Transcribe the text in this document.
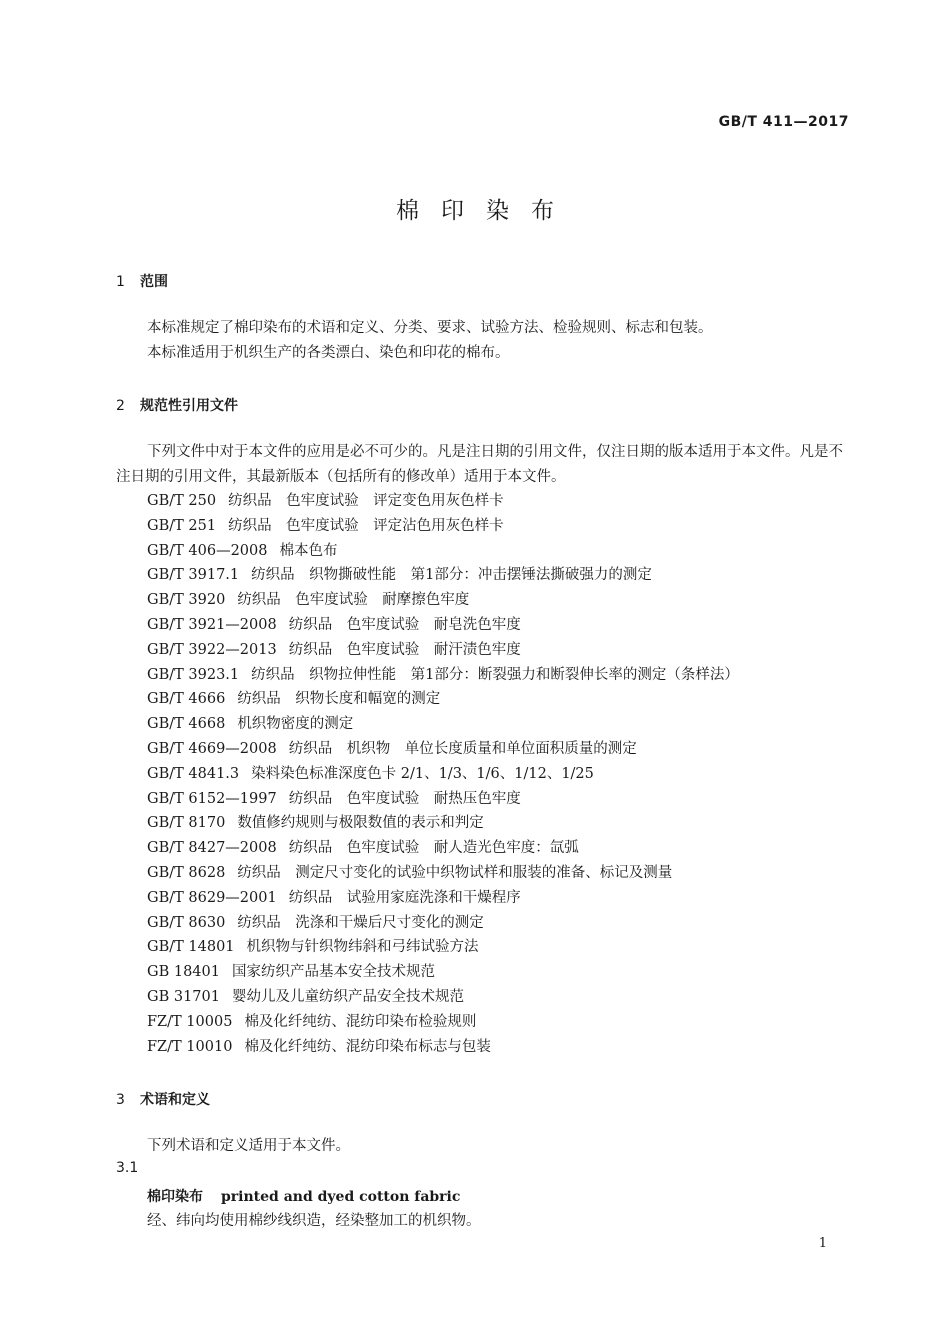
GB/T 411—2017
棉印染布
1 范围

本标准规定了棉印染布的术语和定义、分类、要求、试验方法、检验规则、标志和包装。

本标准适用于机织生产的各类漂白、染色和印花的棉布。

2 规范性引用文件

下列文件中对于本文件的应用是必不可少的。凡是注日期的引用文件，仅注日期的版本适用于本文件。凡是不注日期的引用文件，其最新版本（包括所有的修改单）适用于本文件。

GB/T 250 纺织品　色牢度试验　评定变色用灰色样卡
GB/T 251 纺织品　色牢度试验　评定沾色用灰色样卡
GB/T 406—2008 棉本色布
GB/T 3917.1 纺织品　织物撕破性能　第1部分：冲击摆锤法撕破强力的测定
GB/T 3920 纺织品　色牢度试验　耐摩擦色牢度
GB/T 3921—2008 纺织品　色牢度试验　耐皂洗色牢度
GB/T 3922—2013 纺织品　色牢度试验　耐汗渍色牢度
GB/T 3923.1 纺织品　织物拉伸性能　第1部分：断裂强力和断裂伸长率的测定（条样法）
GB/T 4666 纺织品　织物长度和幅宽的测定
GB/T 4668 机织物密度的测定
GB/T 4669—2008 纺织品　机织物　单位长度质量和单位面积质量的测定
GB/T 4841.3 染料染色标准深度色卡 2/1、1/3、1/6、1/12、1/25
GB/T 6152—1997 纺织品　色牢度试验　耐热压色牢度
GB/T 8170 数值修约规则与极限数值的表示和判定
GB/T 8427—2008 纺织品　色牢度试验　耐人造光色牢度：氙弧
GB/T 8628 纺织品　测定尺寸变化的试验中织物试样和服装的准备、标记及测量
GB/T 8629—2001 纺织品　试验用家庭洗涤和干燥程序
GB/T 8630 纺织品　洗涤和干燥后尺寸变化的测定
GB/T 14801 机织物与针织物纬斜和弓纬试验方法
GB 18401 国家纺织产品基本安全技术规范
GB 31701 婴幼儿及儿童纺织产品安全技术规范
FZ/T 10005 棉及化纤纯纺、混纺印染布检验规则
FZ/T 10010 棉及化纤纯纺、混纺印染布标志与包装
3 术语和定义

下列术语和定义适用于本文件。

3.1
棉印染布 printed and dyed cotton fabric
经、纬向均使用棉纱线织造，经染整加工的机织物。
1
